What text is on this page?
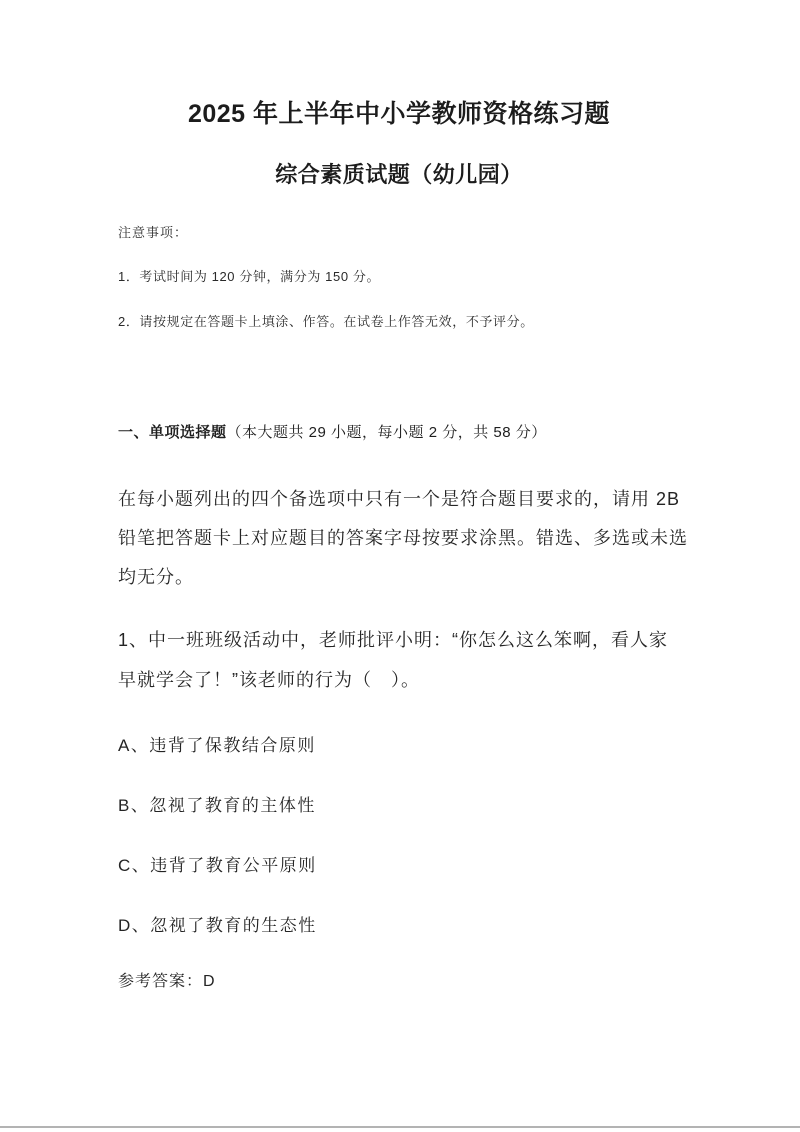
2025 年上半年中小学教师资格练习题
综合素质试题（幼儿园）
注意事项：
1．考试时间为 120 分钟，满分为 150 分。
2．请按规定在答题卡上填涂、作答。在试卷上作答无效，不予评分。
一、单项选择题（本大题共 29 小题，每小题 2 分，共 58 分）
在每小题列出的四个备选项中只有一个是符合题目要求的，请用 2B
铅笔把答题卡上对应题目的答案字母按要求涂黑。错选、多选或未选
均无分。
1、中一班班级活动中，老师批评小明：“你怎么这么笨啊，看人家
早就学会了！”该老师的行为（　）。
A、违背了保教结合原则
B、忽视了教育的主体性
C、违背了教育公平原则
D、忽视了教育的生态性
参考答案：D
